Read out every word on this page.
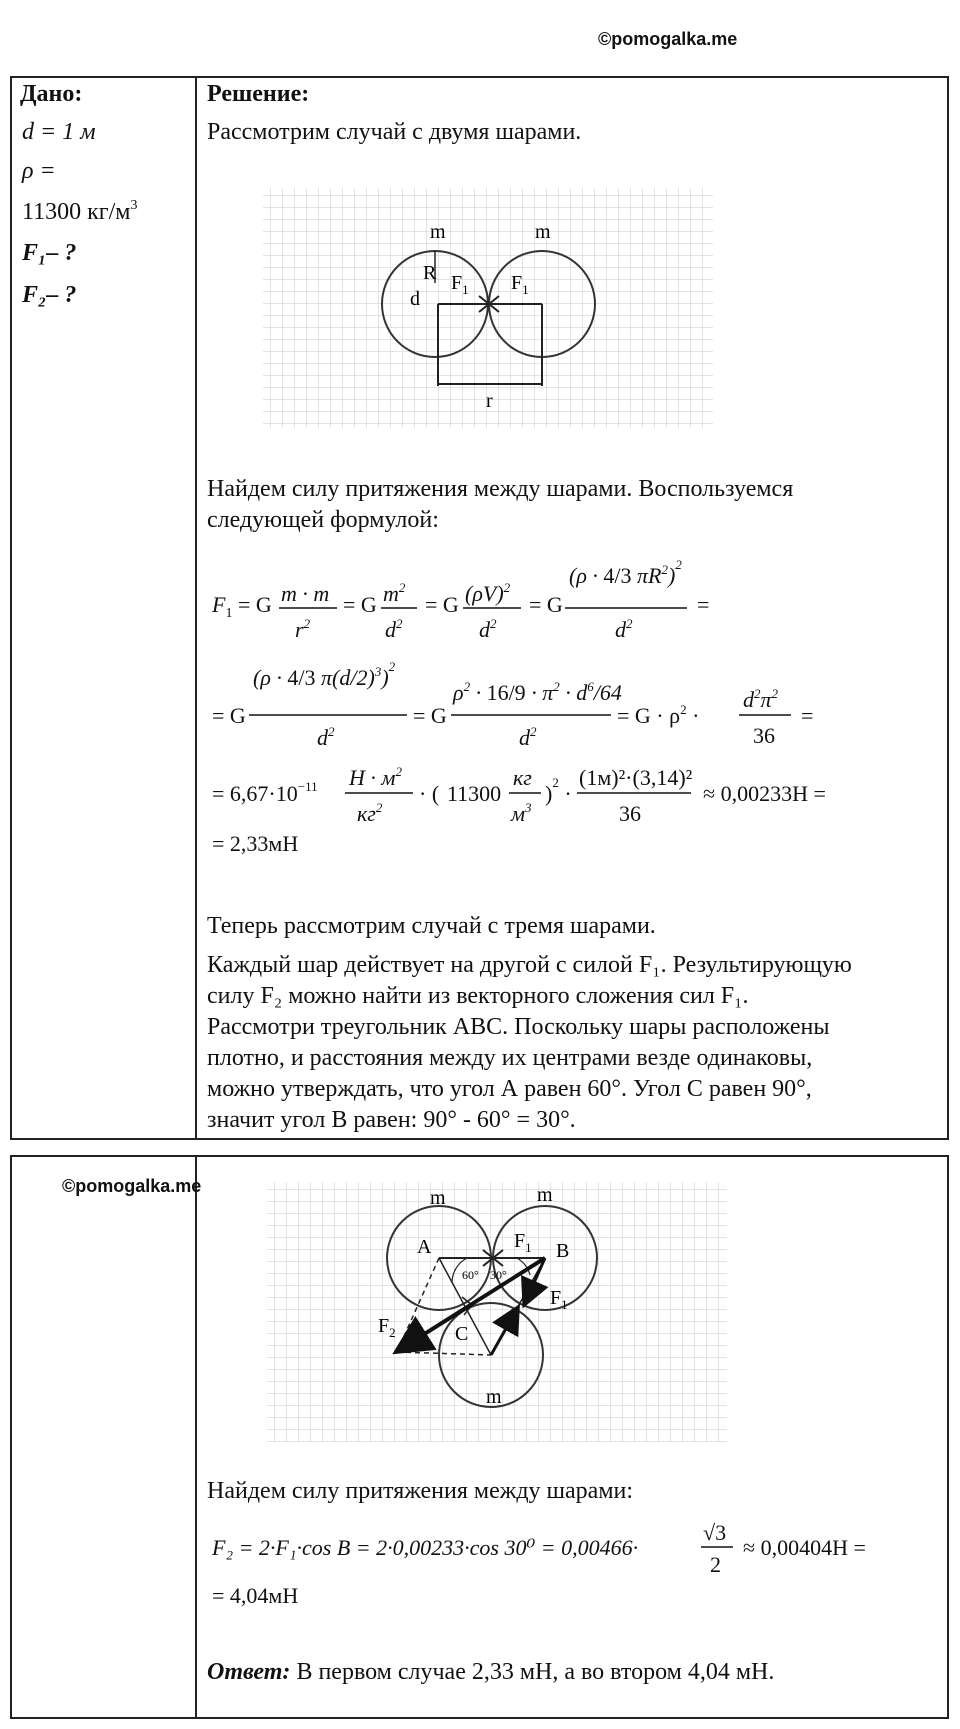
©pomogalka.me
Дано:
d = 1 м
ρ =
11300 $кг/м^3$
F₁– ?
F₂– ?
Решение:
Рассмотрим случай с двумя шарами.
m	m
R
d
$F_1$ $F_1$
r
Найдем силу притяжения между шарами. Воспользуемся
следующей формулой:
$F_1 = G$ m · m
$r^2$
= G $m^2$
$d^2$
= G $(\rho V)^2$
$d^2$
= G
(ρ · 4/3 $\pi R^2)^2$
$d^2$
=
= G
(ρ · 4/3 $\pi(d/2)^3)^2$
$d^2$
= G
$\rho^2 \cdot 16/9 \cdot \pi^2 \cdot d^6/64$
$d^2$
= $G \cdot \rho^2$ ·
$d^2\pi^2$
36
=
= $6,67\cdot 10^{-11}$ $H \cdot м^2$
$кг^2$
· ( 11300
кг
$м^3$
)$^2$ ·
(1м)²·(3,14)²
36
≈ 0,00233H =
= 2,33мН
Теперь рассмотрим случай с тремя шарами.
Каждый шар действует на другой с силой F₁. Результирующую
силу F₂ можно найти из векторного сложения сил F₁.
Рассмотри треугольник АВС. Поскольку шары расположены
плотно, и расстояния между их центрами везде одинаковы,
можно утверждать, что угол А равен 60°. Угол С равен 90°,
значит угол В равен: 90° - 60° = 30°.
©pomogalka.me
m	m
m
A	B
C
60° 30°
$F_1$
$F_1$
$F_2$
Найдем силу притяжения между шарами:
F₂ = 2·F₁·cos B = 2·0,00233·cos 30⁰ = 0,00466·
√3
2
≈ 0,00404H =
= 4,04мН
Ответ: В первом случае 2,33 мН, а во втором 4,04 мН.
